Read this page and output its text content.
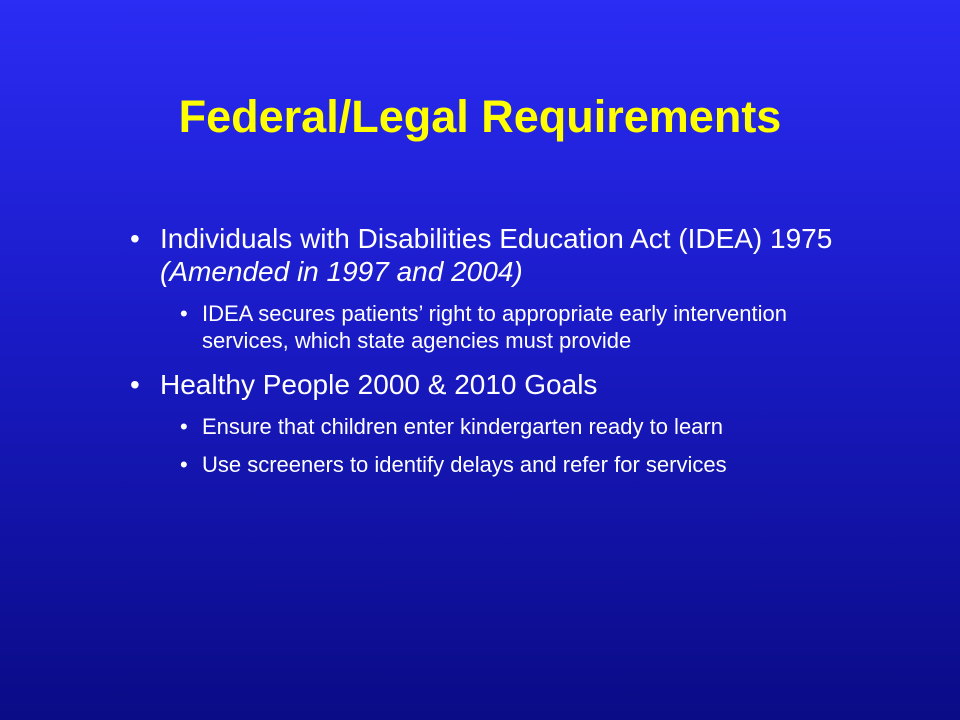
Federal/Legal Requirements
• Individuals with Disabilities Education Act (IDEA) 1975 (Amended in 1997 and 2004)
• IDEA secures patients’ right to appropriate early intervention services, which state agencies must provide
• Healthy People 2000 & 2010 Goals
• Ensure that children enter kindergarten ready to learn
• Use screeners to identify delays and refer for services
